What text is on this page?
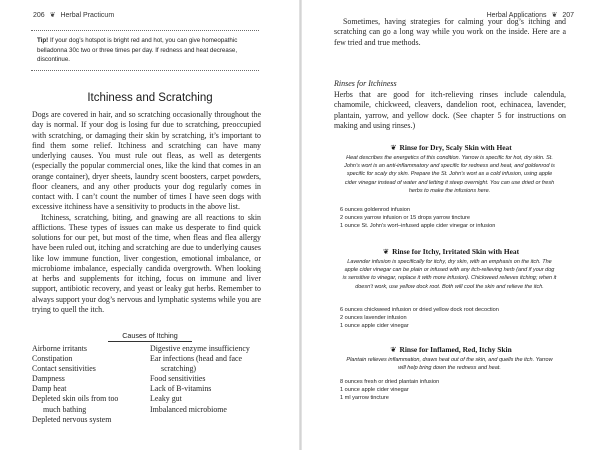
206 ❦ Herbal Practicum
Tip! If your dog’s hotspot is bright red and hot, you can give homeopathic belladonna 30c two or three times per day. If redness and heat decrease, discontinue.
Itchiness and Scratching

Dogs are covered in hair, and so scratching occasionally throughout the day is normal. If your dog is losing fur due to scratching, preoccupied with scratching, or damaging their skin by scratching, it’s important to find them some relief. Itchiness and scratching can have many underlying causes. You must rule out fleas, as well as detergents (especially the popular commercial ones, like the kind that comes in an orange container), dryer sheets, laundry scent boosters, carpet powders, floor cleaners, and any other products your dog regularly comes in contact with. I can’t count the number of times I have seen dogs with excessive itchiness have a sensitivity to products in the above list.

Itchiness, scratching, biting, and gnawing are all reactions to skin afflictions. These types of issues can make us desperate to find quick solutions for our pet, but most of the time, when fleas and flea allergy have been ruled out, itching and scratching are due to underlying causes like low immune function, liver congestion, emotional imbalance, or microbiome imbalance, especially candida overgrowth. When looking at herbs and supplements for itching, focus on immune and liver support, antibiotic recovery, and yeast or leaky gut herbs. Remember to always support your dog’s nervous and lymphatic systems while you are trying to quell the itch.

Causes of Itching
Airborne irritants
Constipation
Contact sensitivities
Dampness
Damp heat
Depleted skin oils from too
much bathing
Depleted nervous system
Digestive enzyme insufficiency
Ear infections (head and face
scratching)
Food sensitivities
Lack of B-vitamins
Leaky gut
Imbalanced microbiome
Herbal Applications ❦ 207

Sometimes, having strategies for calming your dog’s itching and scratching can go a long way while you work on the inside. Here are a few tried and true methods.

Rinses for Itchiness
Herbs that are good for itch-relieving rinses include calendula, chamomile, chickweed, cleavers, dandelion root, echinacea, lavender, plantain, yarrow, and yellow dock. (See chapter 5 for instructions on making and using rinses.)
❦ Rinse for Dry, Scaly Skin with Heat
Heat describes the energetics of this condition. Yarrow is specific for hot, dry skin. St. John’s wort is an anti-inflammatory and specific for redness and heat, and goldenrod is specific for scaly dry skin. Prepare the St. John’s wort as a cold infusion, using apple cider vinegar instead of water and letting it steep overnight. You can use dried or fresh herbs to make the infusions here.
6 ounces goldenrod infusion
2 ounces yarrow infusion or 15 drops yarrow tincture
1 ounce St. John’s wort–infused apple cider vinegar or infusion
❦ Rinse for Itchy, Irritated Skin with Heat
Lavender infusion is specifically for itchy, dry skin, with an emphasis on the itch. The apple cider vinegar can be plain or infused with any itch-relieving herb (and if your dog is sensitive to vinegar, replace it with more infusion). Chickweed relieves itching; when it doesn’t work, use yellow dock root. Both will cool the skin and relieve the itch.
6 ounces chickweed infusion or dried yellow dock root decoction
2 ounces lavender infusion
1 ounce apple cider vinegar
❦ Rinse for Inflamed, Red, Itchy Skin
Plantain relieves inflammation, draws heat out of the skin, and quells the itch. Yarrow will help bring down the redness and heat.
8 ounces fresh or dried plantain infusion
1 ounce apple cider vinegar
1 ml yarrow tincture
